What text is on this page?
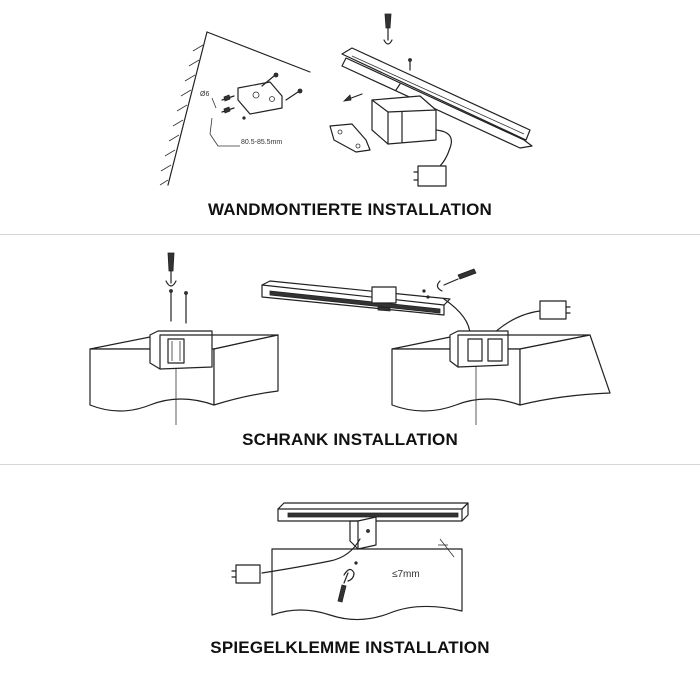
Ø6
80.5-85.5mm
WANDMONTIERTE INSTALLATION
SCHRANK INSTALLATION
≤7mm
SPIEGELKLEMME INSTALLATION
